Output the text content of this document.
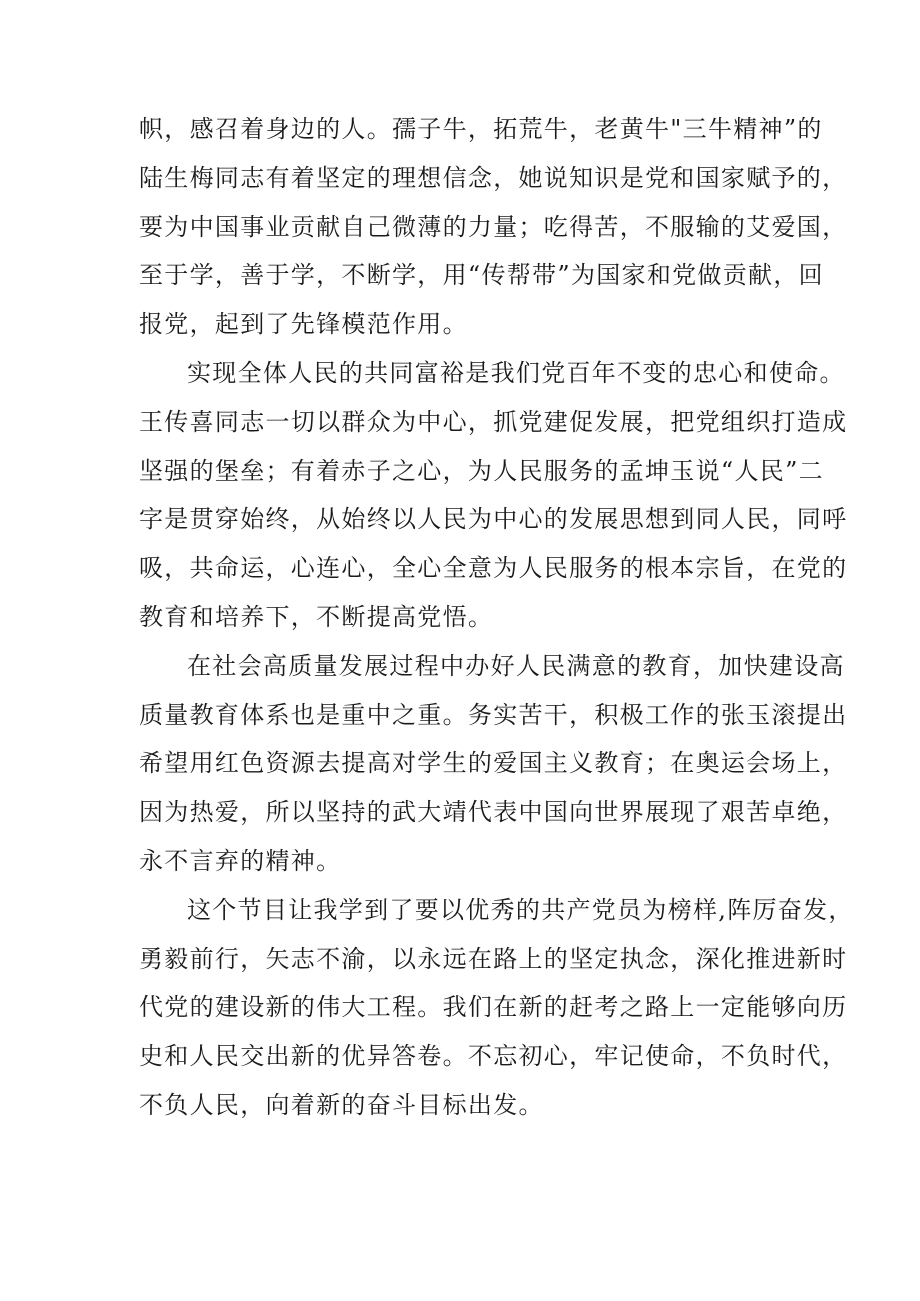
帜，感召着身边的人。孺子牛，拓荒牛，老黄牛"三牛精神”的
陆生梅同志有着坚定的理想信念，她说知识是党和国家赋予的，
要为中国事业贡献自己微薄的力量；吃得苦，不服输的艾爱国，
至于学，善于学，不断学，用“传帮带”为国家和党做贡献，回
报党，起到了先锋模范作用。
实现全体人民的共同富裕是我们党百年不变的忠心和使命。
王传喜同志一切以群众为中心，抓党建促发展，把党组织打造成
坚强的堡垒；有着赤子之心，为人民服务的孟坤玉说“人民”二
字是贯穿始终，从始终以人民为中心的发展思想到同人民，同呼
吸，共命运，心连心，全心全意为人民服务的根本宗旨，在党的
教育和培养下，不断提高党悟。
在社会高质量发展过程中办好人民满意的教育，加快建设高
质量教育体系也是重中之重。务实苦干，积极工作的张玉滚提出
希望用红色资源去提高对学生的爱国主义教育；在奥运会场上，
因为热爱，所以坚持的武大靖代表中国向世界展现了艰苦卓绝，
永不言弃的精神。
这个节目让我学到了要以优秀的共产党员为榜样,阵厉奋发，
勇毅前行，矢志不渝，以永远在路上的坚定执念，深化推进新时
代党的建设新的伟大工程。我们在新的赶考之路上一定能够向历
史和人民交出新的优异答卷。不忘初心，牢记使命，不负时代，
不负人民，向着新的奋斗目标出发。
